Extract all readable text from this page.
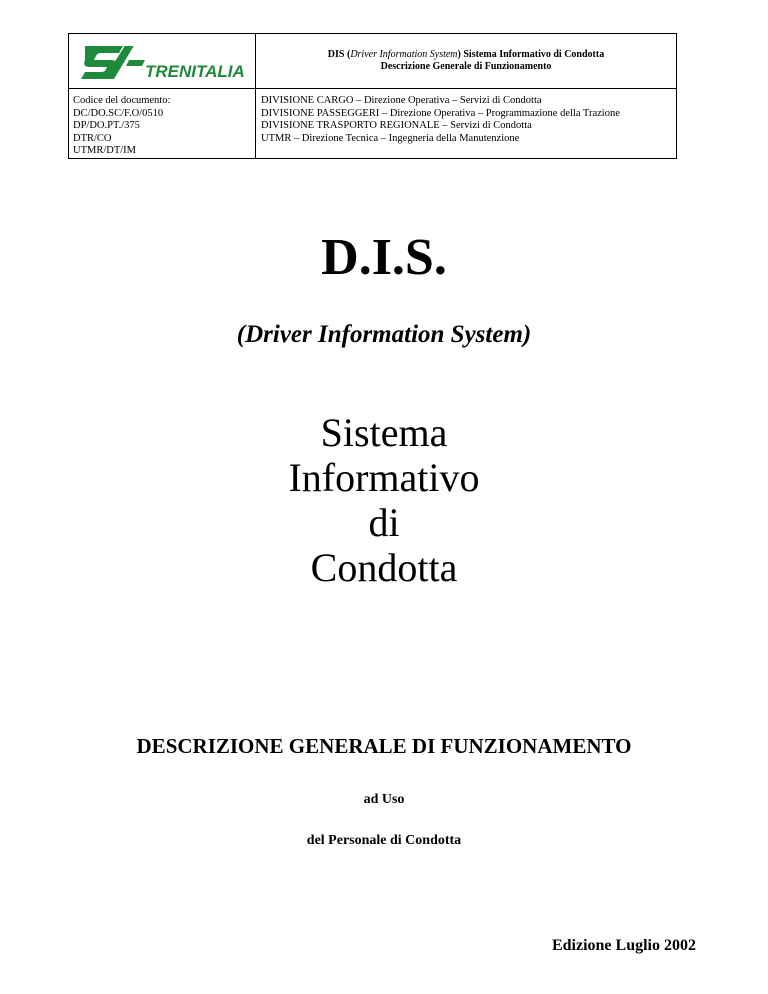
TRENITALIA
DIS (Driver Information System) Sistema Informativo di Condotta
Descrizione Generale di Funzionamento
Codice del documento:
DC/DO.SC/F.O/0510
DP/DO.PT./375
DTR/CO
UTMR/DT/IM
DIVISIONE CARGO – Direzione Operativa – Servizi di Condotta
DIVISIONE PASSEGGERI – Direzione Operativa – Programmazione della Trazione
DIVISIONE TRASPORTO REGIONALE – Servizi di Condotta
UTMR – Direzione Tecnica – Ingegneria della Manutenzione
D.I.S.
(Driver Information System)
Sistema
Informativo
di
Condotta
DESCRIZIONE GENERALE DI FUNZIONAMENTO
ad Uso
del Personale di Condotta
Edizione Luglio 2002
